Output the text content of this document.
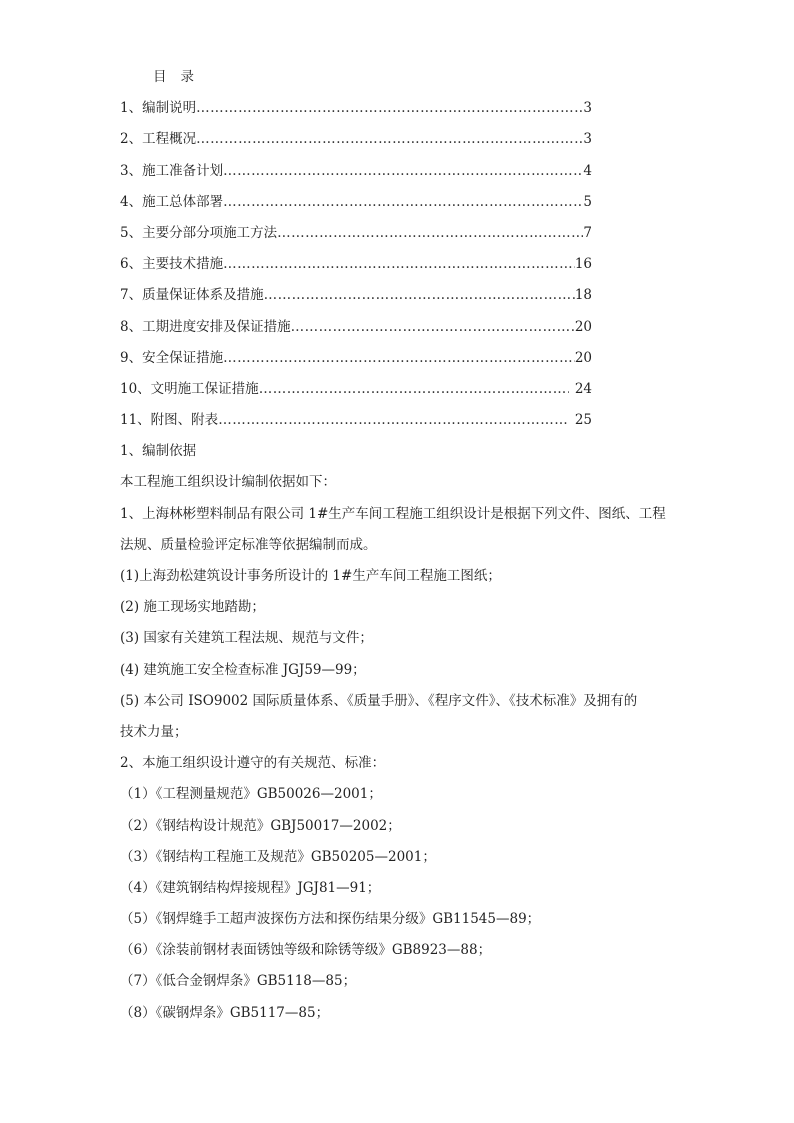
目 录
1、编制说明 …………………………………………………………………………………………………………………………………………	3
2、工程概况 …………………………………………………………………………………………………………………………………………	3
3、施工准备计划 …………………………………………………………………………………………………………………………………………	4
4、施工总体部署 …………………………………………………………………………………………………………………………………………	5
5、主要分部分项施工方法 …………………………………………………………………………………………………………………………………………	7
6、主要技术措施 …………………………………………………………………………………………………………………………………………	16
7、质量保证体系及措施 …………………………………………………………………………………………………………………………………………	18
8、工期进度安排及保证措施 …………………………………………………………………………………………………………………………………………	20
9、安全保证措施 …………………………………………………………………………………………………………………………………………	20
10、文明施工保证措施 …………………………………………………………………………………………………………………………………………	24
11、附图、附表 …………………………………………………………………………………………………………………………………………	25
1、编制依据
本工程施工组织设计编制依据如下：
1、上海林彬塑料制品有限公司 1#生产车间工程施工组织设计是根据下列文件、图纸、工程
法规、质量检验评定标准等依据编制而成。
(1)上海劲松建筑设计事务所设计的 1#生产车间工程施工图纸；
(2) 施工现场实地踏勘；
(3) 国家有关建筑工程法规、规范与文件；
(4) 建筑施工安全检查标准 JGJ59—99；
(5) 本公司 ISO9002 国际质量体系、《质量手册》、《程序文件》、《技术标准》及拥有的
技术力量；
2、本施工组织设计遵守的有关规范、标准：
（1）《工程测量规范》GB50026—2001；
（2）《钢结构设计规范》GBJ50017—2002；
（3）《钢结构工程施工及规范》GB50205—2001；
（4）《建筑钢结构焊接规程》JGJ81—91；
（5）《钢焊缝手工超声波探伤方法和探伤结果分级》GB11545—89；
（6）《涂装前钢材表面锈蚀等级和除锈等级》GB8923—88；
（7）《低合金钢焊条》GB5118—85；
（8）《碳钢焊条》GB5117—85；
